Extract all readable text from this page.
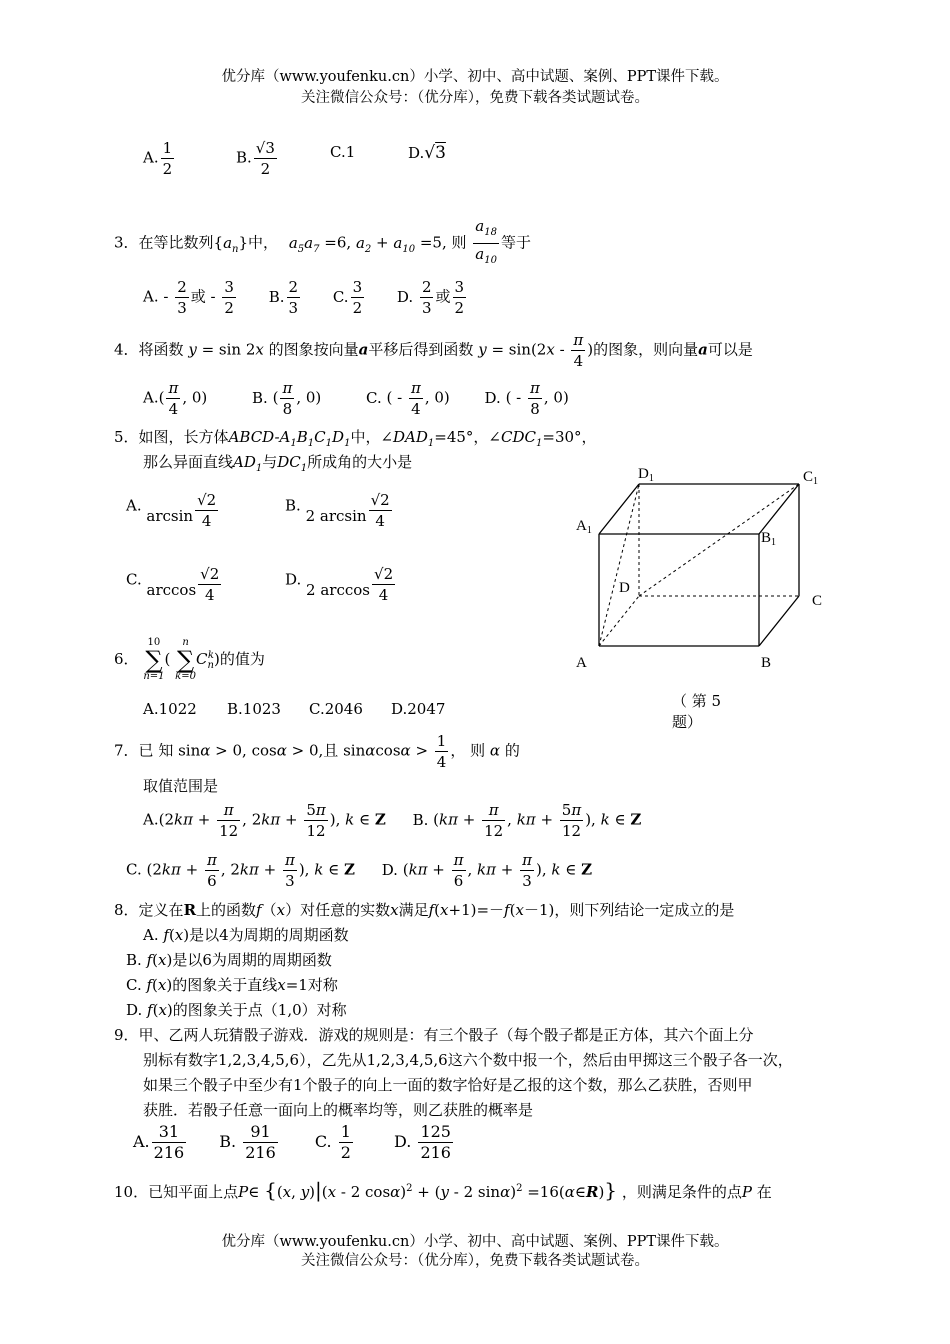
优分库（www.youfenku.cn）小学、初中、高中试题、案例、PPT课件下载。
关注微信公众号：（优分库），免费下载各类试题试卷。
A. $\frac{1}{2}$	B. $\frac{√3}{2}$	C.1	D.√3
3．在等比数列$\{a_n\}$中， $a_5a_7 =6$, $a_2 + a_{10} =5$, 则 $\frac{a_{18}}{a_{10}}$ 等于
A. - $\frac{2}{3}$ 或 - $\frac{3}{2} B$. $\frac{2}{3} C$. $\frac{3}{2} D$. $\frac{2}{3}$ 或 $\frac{3}{2}$
4．将函数 y = sin 2x 的图象按向量a平移后得到函数 $y = \sin(2x - \frac{\pi}{4}$ )的图象，则向量a可以是
$A.( \frac{\pi}{4}$ , 0)	B. ( $\frac{\pi}{8}$ , 0)	C. ( - $\frac{\pi}{4}$ , 0) D. ( - $\frac{\pi}{8}$ , 0)
5．如图，长方体ABCD-$A_1B_1C_1D_1$中，$\angle DAD_1=45^\circ$，$\angle CDC_1=30^\circ$，
那么异面直线$AD_1$与$DC_1$所成角的大小是
A. $\arcsin \frac{√2}{4}$	B. 2 $\arcsin \frac{√2}{4}$
C. $\arccos \frac{√2}{4}$	D. 2 $\arccos \frac{√2}{4}$
$D_1$	$C_1$
$A_1$	$B_1$
D
C
A	B
（ 第 5
题）
6．
10
∑
n=1
(
n
∑
k=0
$C_n^k$)的值为
A.1022 B.1023 C.2046 D.2047
7．已 知 sinα > 0, cosα > 0,且 $\sin\alpha\cos\alpha > \frac{1}{4}$ ， 则 α 的
取值范围是
$A.(2k\pi + \frac{\pi}{12}$ , $2k\pi + \frac{5\pi}{12}$ ), k ∈ Z B. ($k\pi + \frac{\pi}{12}$ , $k\pi + \frac{5\pi}{12}$ ), k ∈ Z
C. ($2k\pi + \frac{\pi}{6}$ , $2k\pi + \frac{\pi}{3}$ ), k ∈ Z D. ($k\pi + \frac{\pi}{6}$ , $k\pi + \frac{\pi}{3}$ ), k ∈ Z
8．定义在R上的函数f（x）对任意的实数x满足f(x+1)=－f(x－1)，则下列结论一定成立的是
A. f(x)是以4为周期的周期函数
B. f(x)是以6为周期的周期函数
C. f(x)的图象关于直线x=1对称
D. f(x)的图象关于点（1,0）对称
9．甲、乙两人玩猜骰子游戏．游戏的规则是：有三个骰子（每个骰子都是正方体，其六个面上分
别标有数字1,2,3,4,5,6），乙先从1,2,3,4,5,6这六个数中报一个，然后由甲掷这三个骰子各一次，
如果三个骰子中至少有1个骰子的向上一面的数字恰好是乙报的这个数，那么乙获胜，否则甲
获胜．若骰子任意一面向上的概率均等，则乙获胜的概率是
A. $\frac{31}{216} B$. $\frac{91}{216} C$. $\frac{1}{2}$	D. $\frac{125}{216}$
10．已知平面上点P∈ {(x, y)|(x - 2 cosα)$^2$ + (y - 2 sinα)$^2$ =16(α∈R)} ，则满足条件的点P 在
优分库（www.youfenku.cn）小学、初中、高中试题、案例、PPT课件下载。
关注微信公众号：（优分库），免费下载各类试题试卷。
